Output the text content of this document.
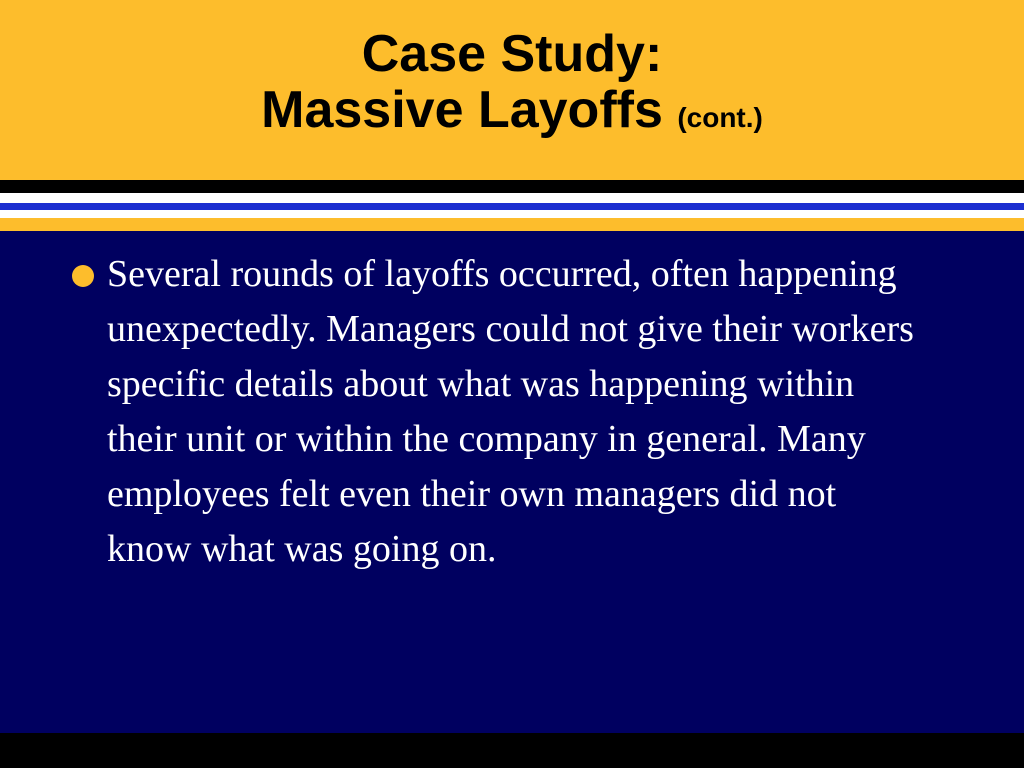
Case Study:
Massive Layoffs (cont.)

Several rounds of layoffs occurred, often happening unexpectedly. Managers could not give their workers specific details about what was happening within their unit or within the company in general. Many employees felt even their own managers did not know what was going on.
